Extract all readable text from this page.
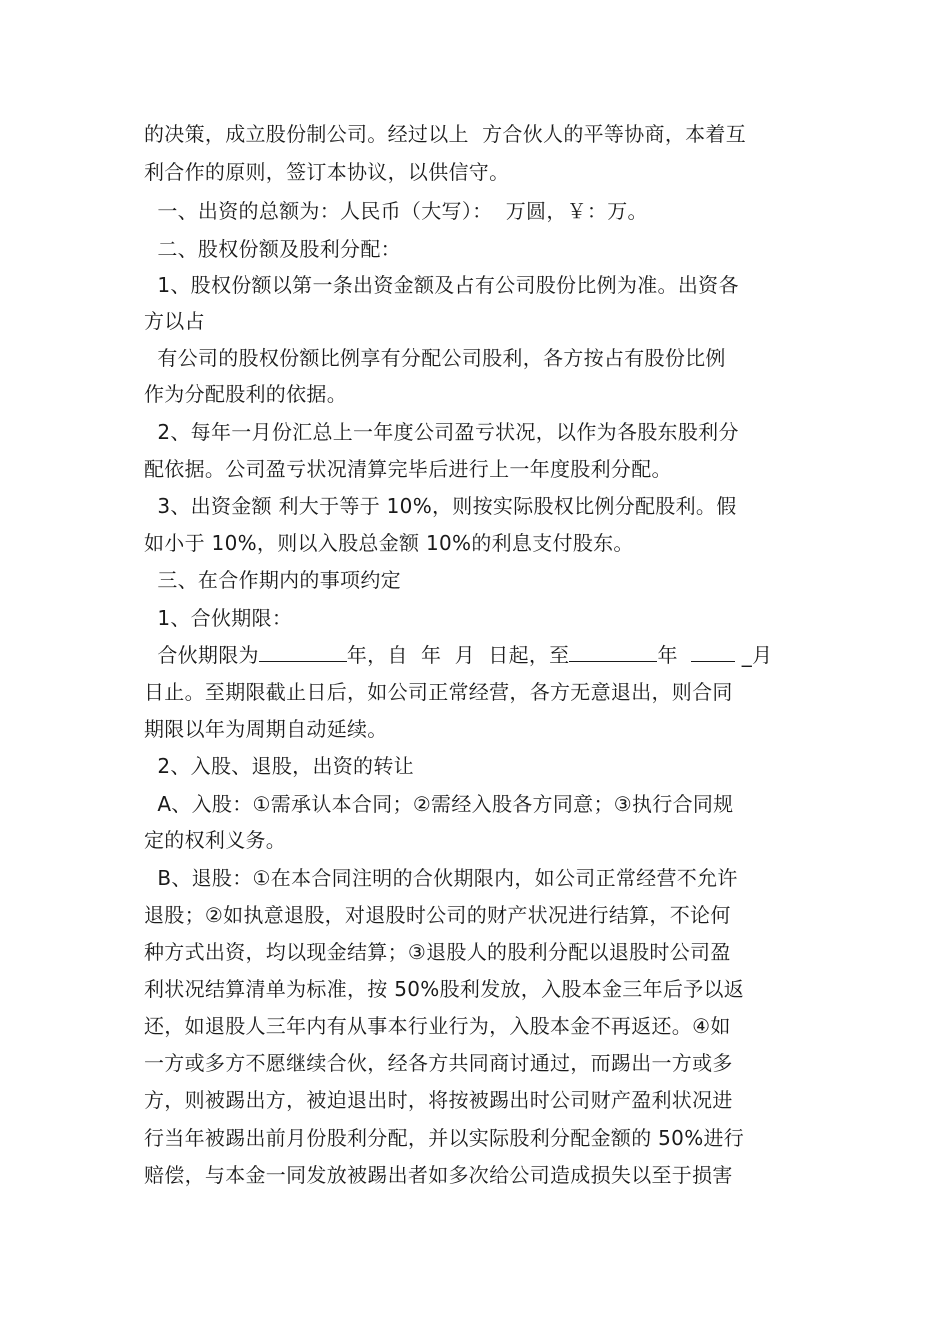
的决策，成立股份制公司。经过以上  方合伙人的平等协商，本着互
利合作的原则，签订本协议，以供信守。
一、出资的总额为：人民币（大写）：  万圆，￥：万。
二、股权份额及股利分配：
1、股权份额以第一条出资金额及占有公司股份比例为准。出资各
方以占
有公司的股权份额比例享有分配公司股利，各方按占有股份比例
作为分配股利的依据。
2、每年一月份汇总上一年度公司盈亏状况，以作为各股东股利分
配依据。公司盈亏状况清算完毕后进行上一年度股利分配。
3、出资金额 利大于等于 10%，则按实际股权比例分配股利。假
如小于 10%，则以入股总金额 10%的利息支付股东。
三、在合作期内的事项约定
1、合伙期限：
合伙期限为	年，自  年  月  日起，至	年   _月
日止。至期限截止日后，如公司正常经营，各方无意退出，则合同
期限以年为周期自动延续。
2、入股、退股，出资的转让
A、入股：①需承认本合同；②需经入股各方同意；③执行合同规
定的权利义务。
B、退股：①在本合同注明的合伙期限内，如公司正常经营不允许
退股；②如执意退股，对退股时公司的财产状况进行结算，不论何
种方式出资，均以现金结算；③退股人的股利分配以退股时公司盈
利状况结算清单为标准，按 50%股利发放，入股本金三年后予以返
还，如退股人三年内有从事本行业行为，入股本金不再返还。④如
一方或多方不愿继续合伙，经各方共同商讨通过，而踢出一方或多
方，则被踢出方，被迫退出时，将按被踢出时公司财产盈利状况进
行当年被踢出前月份股利分配，并以实际股利分配金额的 50%进行
赔偿，与本金一同发放被踢出者如多次给公司造成损失以至于损害
